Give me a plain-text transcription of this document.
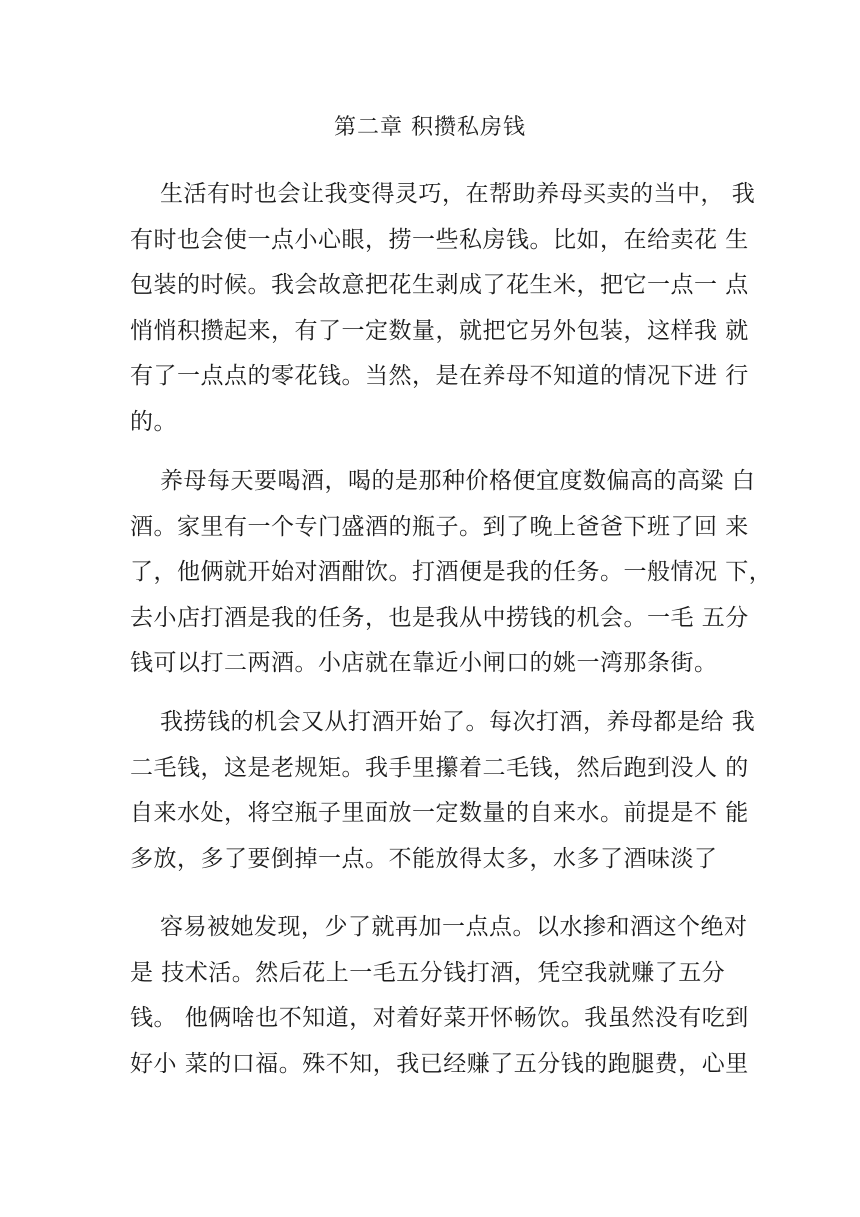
第二章 积攒私房钱

生活有时也会让我变得灵巧，在帮助养母买卖的当中， 我
有时也会使一点小心眼，捞一些私房钱。比如，在给卖花 生
包装的时候。我会故意把花生剥成了花生米，把它一点一 点
悄悄积攒起来，有了一定数量，就把它另外包装，这样我 就
有了一点点的零花钱。当然，是在养母不知道的情况下进 行
的。

养母每天要喝酒，喝的是那种价格便宜度数偏高的高粱 白
酒。家里有一个专门盛酒的瓶子。到了晚上爸爸下班了回 来
了，他俩就开始对酒酣饮。打酒便是我的任务。一般情况 下，
去小店打酒是我的任务，也是我从中捞钱的机会。一毛 五分
钱可以打二两酒。小店就在靠近小闸口的姚一湾那条街。

我捞钱的机会又从打酒开始了。每次打酒，养母都是给 我
二毛钱，这是老规矩。我手里攥着二毛钱，然后跑到没人 的
自来水处，将空瓶子里面放一定数量的自来水。前提是不 能
多放，多了要倒掉一点。不能放得太多，水多了酒味淡了

容易被她发现，少了就再加一点点。以水掺和酒这个绝对
是 技术活。然后花上一毛五分钱打酒，凭空我就赚了五分
钱。 他俩啥也不知道，对着好菜开怀畅饮。我虽然没有吃到
好小 菜的口福。殊不知，我已经赚了五分钱的跑腿费，心里
